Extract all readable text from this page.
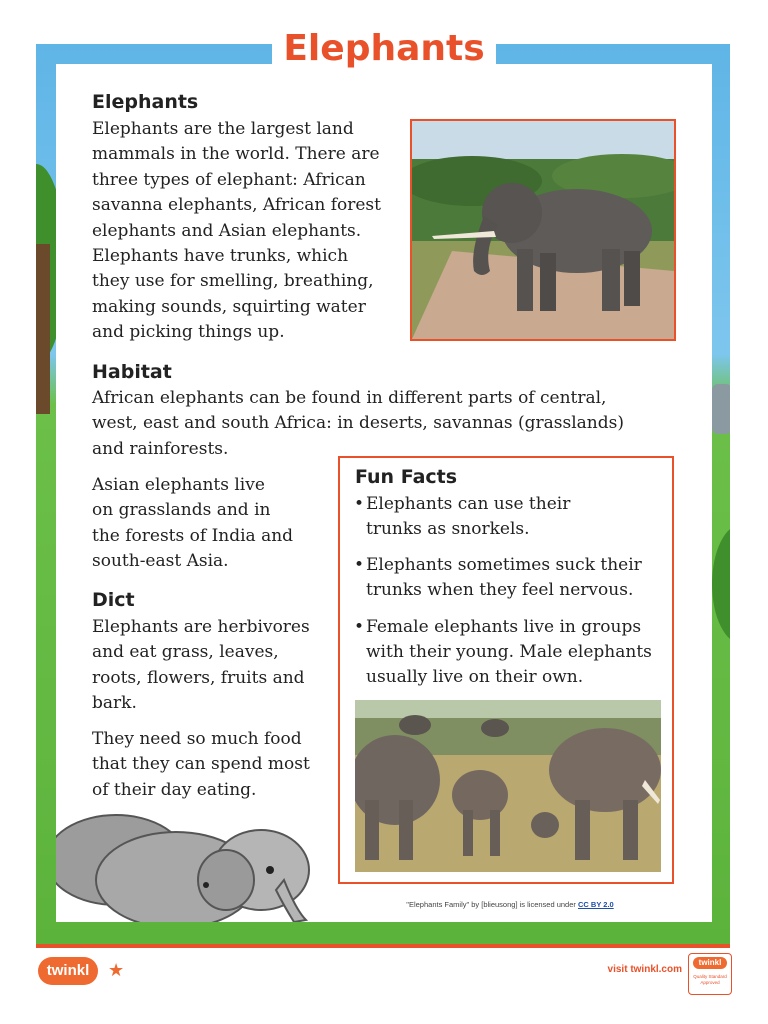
Elephants
Elephants
Elephants are the largest land
mammals in the world. There are
three types of elephant: African
savanna elephants, African forest
elephants and Asian elephants.
Elephants have trunks, which
they use for smelling, breathing,
making sounds, squirting water
and picking things up.
Habitat
African elephants can be found in different parts of central,
west, east and south Africa: in deserts, savannas (grasslands)
and rainforests.
Asian elephants live
on grasslands and in
the forests of India and
south-east Asia.
Dict
Elephants are herbivores
and eat grass, leaves,
roots, flowers, fruits and
bark.
They need so much food
that they can spend most
of their day eating.
Fun Facts
• Elephants can use their
trunks as snorkels.
• Elephants sometimes suck their
trunks when they feel nervous.
• Female elephants live in groups
with their young. Male elephants
usually live on their own.
"Elephants Family" by [blieusong] is licensed under CC BY 2.0
twinkl	★	visit twinkl.com
twinkl
Quality Standard Approved
